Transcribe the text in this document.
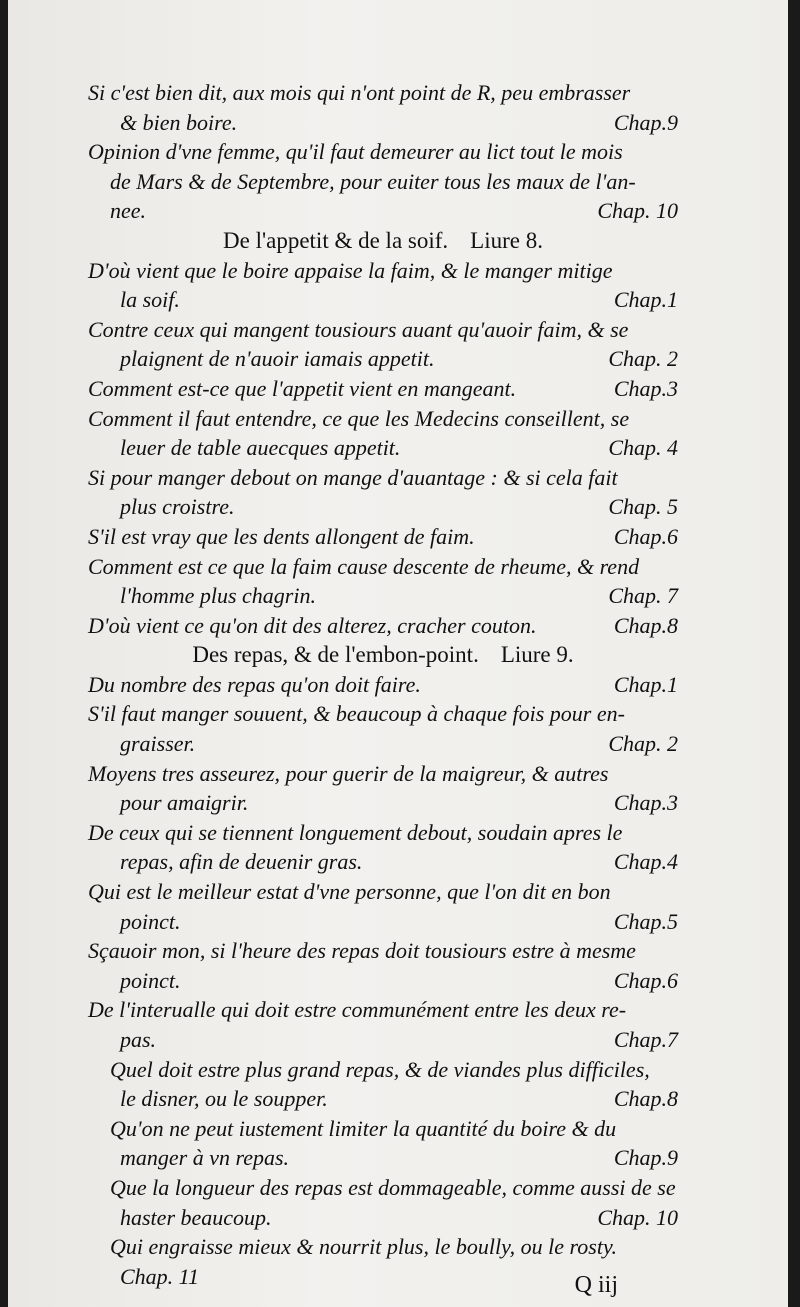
Si c'est bien dit, aux mois qui n'ont point de R, peu embrasser
& bien boire.	Chap.9
Opinion d'vne femme, qu'il faut demeurer au lict tout le mois
de Mars & de Septembre, pour euiter tous les maux de l'an-
nee.	Chap. 10
De l'appetit & de la soif. Liure 8.
D'où vient que le boire appaise la faim, & le manger mitige
la soif.	Chap.1
Contre ceux qui mangent tousiours auant qu'auoir faim, & se
plaignent de n'auoir iamais appetit.	Chap. 2
Comment est-ce que l'appetit vient en mangeant.	Chap.3
Comment il faut entendre, ce que les Medecins conseillent, se
leuer de table auecques appetit.	Chap. 4
Si pour manger debout on mange d'auantage : & si cela fait
plus croistre.	Chap. 5
S'il est vray que les dents allongent de faim.	Chap.6
Comment est ce que la faim cause descente de rheume, & rend
l'homme plus chagrin.	Chap. 7
D'où vient ce qu'on dit des alterez, cracher couton.	Chap.8
Des repas, & de l'embon-point. Liure 9.
Du nombre des repas qu'on doit faire.	Chap.1
S'il faut manger souuent, & beaucoup à chaque fois pour en-
graisser.	Chap. 2
Moyens tres asseurez, pour guerir de la maigreur, & autres
pour amaigrir.	Chap.3
De ceux qui se tiennent longuement debout, soudain apres le
repas, afin de deuenir gras.	Chap.4
Qui est le meilleur estat d'vne personne, que l'on dit en bon
poinct.	Chap.5
Sçauoir mon, si l'heure des repas doit tousiours estre à mesme
poinct.	Chap.6
De l'interualle qui doit estre communément entre les deux re-
pas.	Chap.7
Quel doit estre plus grand repas, & de viandes plus difficiles,
le disner, ou le soupper.	Chap.8
Qu'on ne peut iustement limiter la quantité du boire & du
manger à vn repas.	Chap.9
Que la longueur des repas est dommageable, comme aussi de se
haster beaucoup.	Chap. 10
Qui engraisse mieux & nourrit plus, le boully, ou le rosty.
Chap. 11	Q iij
